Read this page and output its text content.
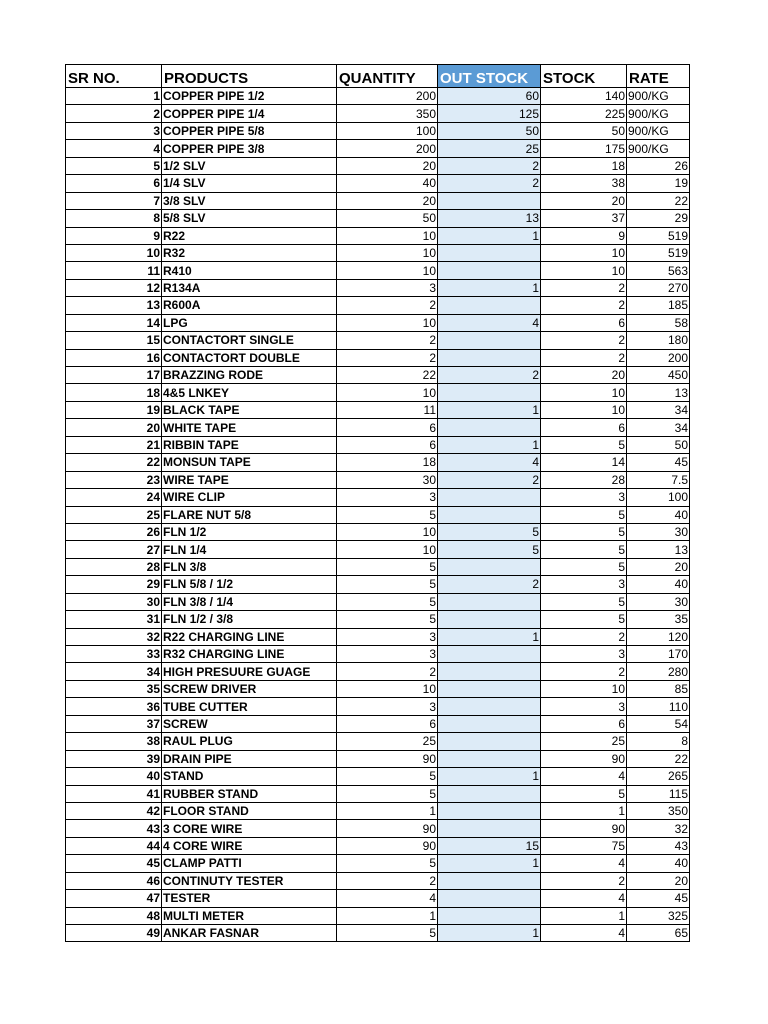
SR NO.	PRODUCTS	QUANTITY	OUT STOCK	STOCK	RATE
1	COPPER PIPE 1/2	200	60	140	900/KG
2	COPPER PIPE 1/4	350	125	225	900/KG
3	COPPER PIPE 5/8	100	50	50	900/KG
4	COPPER PIPE 3/8	200	25	175	900/KG
5	1/2 SLV	20	2	18	26
6	1/4 SLV	40	2	38	19
7	3/8 SLV	20		20	22
8	5/8 SLV	50	13	37	29
9	R22	10	1	9	519
10	R32	10		10	519
11	R410	10		10	563
12	R134A	3	1	2	270
13	R600A	2		2	185
14	LPG	10	4	6	58
15	CONTACTORT SINGLE	2		2	180
16	CONTACTORT DOUBLE	2		2	200
17	BRAZZING RODE	22	2	20	450
18	4&5 LNKEY	10		10	13
19	BLACK TAPE	11	1	10	34
20	WHITE TAPE	6		6	34
21	RIBBIN TAPE	6	1	5	50
22	MONSUN TAPE	18	4	14	45
23	WIRE TAPE	30	2	28	7.5
24	WIRE CLIP	3		3	100
25	FLARE NUT 5/8	5		5	40
26	FLN 1/2	10	5	5	30
27	FLN 1/4	10	5	5	13
28	FLN 3/8	5		5	20
29	FLN 5/8 / 1/2	5	2	3	40
30	FLN 3/8 / 1/4	5		5	30
31	FLN 1/2 / 3/8	5		5	35
32	R22 CHARGING LINE	3	1	2	120
33	R32 CHARGING LINE	3		3	170
34	HIGH PRESUURE GUAGE	2		2	280
35	SCREW DRIVER	10		10	85
36	TUBE CUTTER	3		3	110
37	SCREW	6		6	54
38	RAUL PLUG	25		25	8
39	DRAIN PIPE	90		90	22
40	STAND	5	1	4	265
41	RUBBER STAND	5		5	115
42	FLOOR STAND	1		1	350
43	3 CORE WIRE	90		90	32
44	4 CORE WIRE	90	15	75	43
45	CLAMP PATTI	5	1	4	40
46	CONTINUTY TESTER	2		2	20
47	TESTER	4		4	45
48	MULTI METER	1		1	325
49	ANKAR FASNAR	5	1	4	65
